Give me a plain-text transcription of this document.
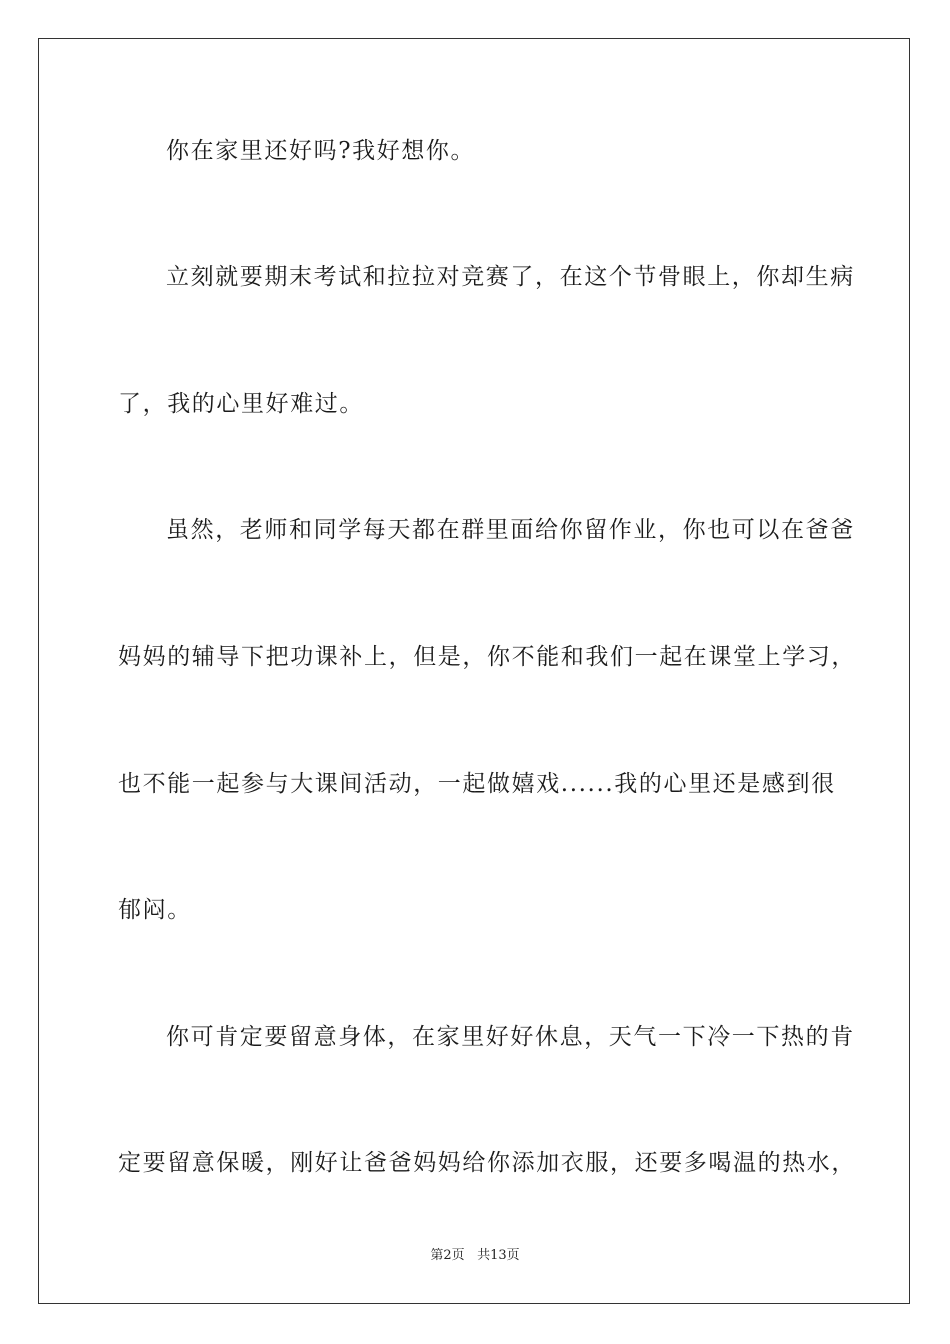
你在家里还好吗?我好想你。
立刻就要期末考试和拉拉对竞赛了，在这个节骨眼上，你却生病
了，我的心里好难过。
虽然，老师和同学每天都在群里面给你留作业，你也可以在爸爸
妈妈的辅导下把功课补上，但是，你不能和我们一起在课堂上学习，
也不能一起参与大课间活动，一起做嬉戏......我的心里还是感到很
郁闷。
你可肯定要留意身体，在家里好好休息，天气一下冷一下热的肯
定要留意保暖，刚好让爸爸妈妈给你添加衣服，还要多喝温的热水，
第2页 共13页
